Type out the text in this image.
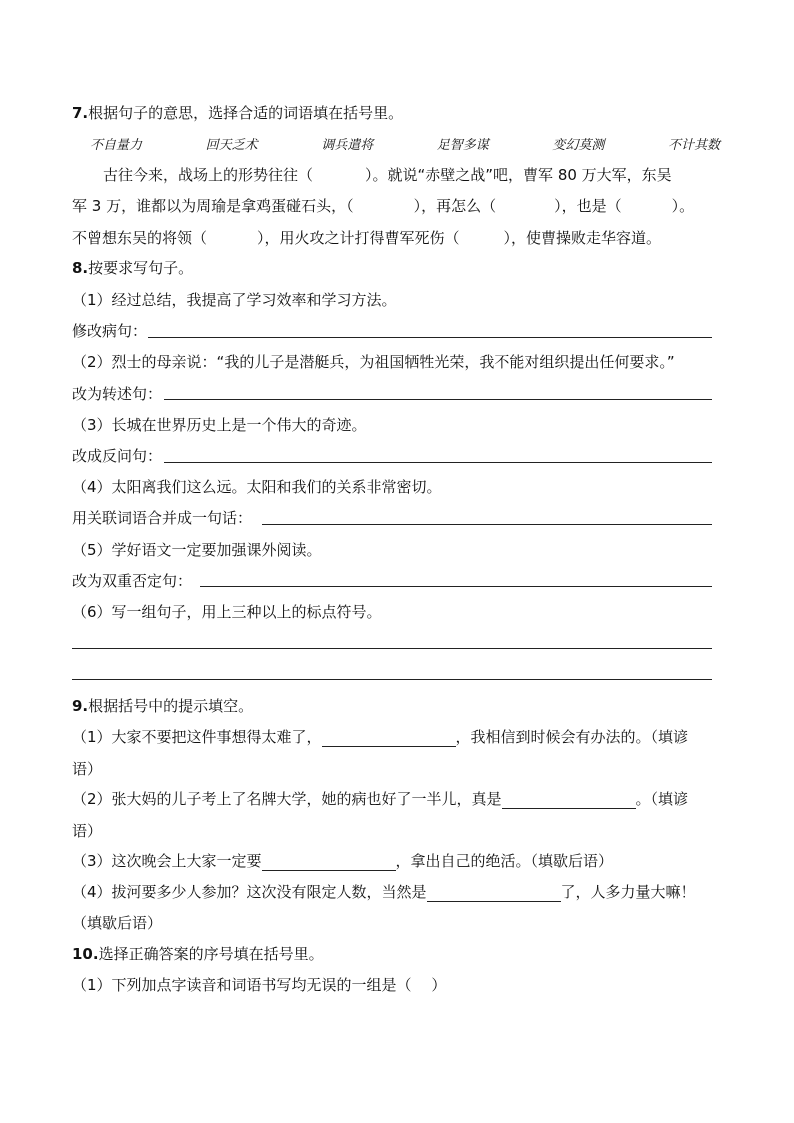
7.根据句子的意思，选择合适的词语填在括号里。
不自量力	回天乏术	调兵遣将	足智多谋	变幻莫测	不计其数
古往今来，战场上的形势往往（	）。就说“赤壁之战”吧，曹军 80 万大军，东吴
军 3 万，谁都以为周瑜是拿鸡蛋碰石头，（	），再怎么（	），也是（	）。
不曾想东吴的将领（	），用火攻之计打得曹军死伤（	），使曹操败走华容道。
8.按要求写句子。
（1）经过总结，我提高了学习效率和学习方法。
修改病句：
（2）烈士的母亲说：“我的儿子是潜艇兵，为祖国牺牲光荣，我不能对组织提出任何要求。”
改为转述句：
（3）长城在世界历史上是一个伟大的奇迹。
改成反问句：
（4）太阳离我们这么远。太阳和我们的关系非常密切。
用关联词语合并成一句话：
（5）学好语文一定要加强课外阅读。
改为双重否定句：
（6）写一组句子，用上三种以上的标点符号。
9.根据括号中的提示填空。
（1）大家不要把这件事想得太难了，	，我相信到时候会有办法的。（填谚
语）
（2）张大妈的儿子考上了名牌大学，她的病也好了一半儿，真是	。（填谚
语）
（3）这次晚会上大家一定要	，拿出自己的绝活。（填歇后语）
（4）拔河要多少人参加？这次没有限定人数，当然是	了，人多力量大嘛！
（填歇后语）
10.选择正确答案的序号填在括号里。
（1）下列加点字读音和词语书写均无误的一组是（　 ）
